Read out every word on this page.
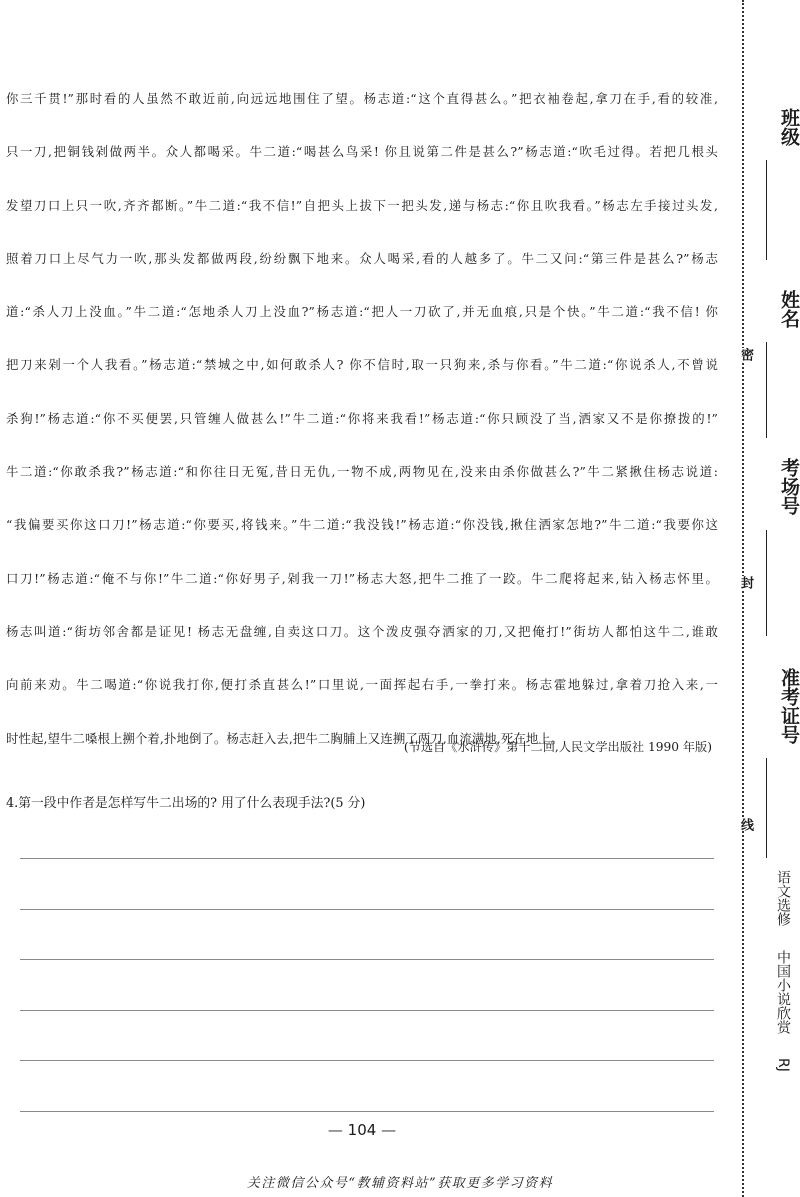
你三千贯!”那时看的人虽然不敢近前,向远远地围住了望。杨志道:“这个直得甚么。”把衣袖卷起,拿刀在手,看的较准,
只一刀,把铜钱剁做两半。众人都喝采。牛二道:“喝甚么鸟采! 你且说第二件是甚么?”杨志道:“吹毛过得。若把几根头
发望刀口上只一吹,齐齐都断。”牛二道:“我不信!”自把头上拔下一把头发,递与杨志:“你且吹我看。”杨志左手接过头发,
照着刀口上尽气力一吹,那头发都做两段,纷纷飘下地来。众人喝采,看的人越多了。牛二又问:“第三件是甚么?”杨志
道:“杀人刀上没血。”牛二道:“怎地杀人刀上没血?”杨志道:“把人一刀砍了,并无血痕,只是个快。”牛二道:“我不信! 你
把刀来剁一个人我看。”杨志道:“禁城之中,如何敢杀人? 你不信时,取一只狗来,杀与你看。”牛二道:“你说杀人,不曾说
杀狗!”杨志道:“你不买便罢,只管缠人做甚么!”牛二道:“你将来我看!”杨志道:“你只顾没了当,洒家又不是你撩拨的!”
牛二道:“你敢杀我?”杨志道:“和你往日无冤,昔日无仇,一物不成,两物见在,没来由杀你做甚么?”牛二紧揪住杨志说道:
“我偏要买你这口刀!”杨志道:“你要买,将钱来。”牛二道:“我没钱!”杨志道:“你没钱,揪住洒家怎地?”牛二道:“我要你这
口刀!”杨志道:“俺不与你!”牛二道:“你好男子,剁我一刀!”杨志大怒,把牛二推了一跤。牛二爬将起来,钻入杨志怀里。
杨志叫道:“街坊邻舍都是证见! 杨志无盘缠,自卖这口刀。这个泼皮强夺洒家的刀,又把俺打!”街坊人都怕这牛二,谁敢
向前来劝。牛二喝道:“你说我打你,便打杀直甚么!”口里说,一面挥起右手,一拳打来。杨志霍地躲过,拿着刀抢入来,一
时性起,望牛二嗓根上搠个着,扑地倒了。杨志赶入去,把牛二胸脯上又连搠了两刀,血流满地,死在地上。
(节选自《水浒传》第十二回,人民文学出版社 1990 年版)
4.第一段中作者是怎样写牛二出场的? 用了什么表现手法?(5 分)
— 104 —
关注微信公众号“教辅资料站”获取更多学习资料
班级
姓名
考场号
准考证号
密
封
线
语文选修 中国小说欣赏 RJ
